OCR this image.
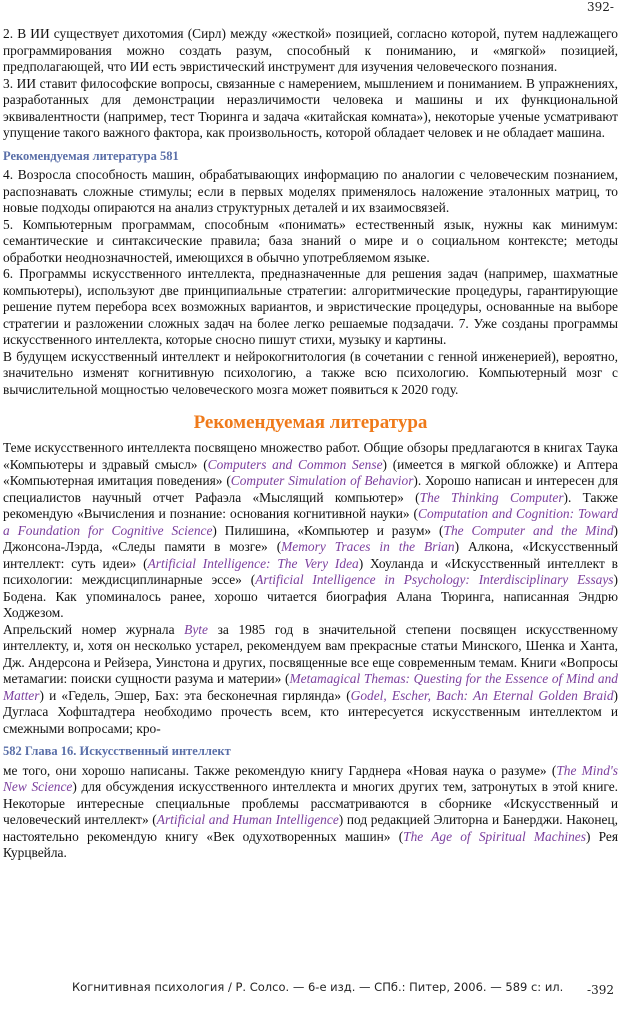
392-

2. В ИИ существует дихотомия (Сирл) между «жесткой» позицией, согласно которой, путем надлежащего программирования можно создать разум, способный к пониманию, и «мягкой» позицией, предполагающей, что ИИ есть эвристический инструмент для изучения человеческого познания.

3. ИИ ставит философские вопросы, связанные с намерением, мышлением и пониманием. В упражнениях, разработанных для демонстрации неразличимости человека и машины и их функциональной эквивалентности (например, тест Тюринга и задача «китайская комната»), некоторые ученые усматривают упущение такого важного фактора, как произвольность, которой обладает человек и не обладает машина.

Рекомендуемая литература 581

4. Возросла способность машин, обрабатывающих информацию по аналогии с человеческим познанием, распознавать сложные стимулы; если в первых моделях применялось наложение эталонных матриц, то новые подходы опираются на анализ структурных деталей и их взаимосвязей.

5. Компьютерным программам, способным «понимать» естественный язык, нужны как минимум: семантические и синтаксические правила; база знаний о мире и о социальном контексте; методы обработки неоднозначностей, имеющихся в обычно употребляемом языке.

6. Программы искусственного интеллекта, предназначенные для решения задач (например, шахматные компьютеры), используют две принципиальные стратегии: алгоритмические процедуры, гарантирующие решение путем перебора всех возможных вариантов, и эвристические процедуры, основанные на выборе стратегии и разложении сложных задач на более легко решаемые подзадачи. 7. Уже созданы программы искусственного интеллекта, которые сносно пишут стихи, музыку и картины.

В будущем искусственный интеллект и нейрокогнитология (в сочетании с генной инженерией), вероятно, значительно изменят когнитивную психологию, а также всю психологию. Компьютерный мозг с вычислительной мощностью человеческого мозга может появиться к 2020 году.

Рекомендуемая литература

Теме искусственного интеллекта посвящено множество работ. Общие обзоры предлагаются в книгах Таука «Компьютеры и здравый смысл» (Computers and Common Sense) (имеется в мягкой обложке) и Аптера «Компьютерная имитация поведения» (Computer Simulation of Behavior). Хорошо написан и интересен для специалистов научный отчет Рафаэла «Мыслящий компьютер» (The Thinking Computer). Также рекомендую «Вычисления и познание: основания когнитивной науки» (Computation and Cognition: Toward a Foundation for Cognitive Science) Пилишина, «Компьютер и разум» (The Computer and the Mind) Джонсона-Лэрда, «Следы памяти в мозге» (Memory Traces in the Brian) Алкона, «Искусственный интеллект: суть идеи» (Artificial Intelligence: The Very Idea) Хоуланда и «Искусственный интеллект в психологии: междисциплинарные эссе» (Artificial Intelligence in Psychology: Interdisciplinary Essays) Бодена. Как упоминалось ранее, хорошо читается биография Алана Тюринга, написанная Эндрю Ходжезом.

Апрельский номер журнала Byte за 1985 год в значительной степени посвящен искусственному интеллекту, и, хотя он несколько устарел, рекомендуем вам прекрасные статьи Минского, Шенка и Ханта, Дж. Андерсона и Рейзера, Уинстона и других, посвященные все еще современным темам. Книги «Вопросы метамагии: поиски сущности разума и материи» (Metamagical Themas: Questing for the Essence of Mind and Matter) и «Гедель, Эшер, Бах: эта бесконечная гирлянда» (Godel, Escher, Bach: An Eternal Golden Braid) Дугласа Хофштадтера необходимо прочесть всем, кто интересуется искусственным интеллектом и смежными вопросами; кро-

582 Глава 16. Искусственный интеллект

ме того, они хорошо написаны. Также рекомендую книгу Гарднера «Новая наука о разуме» (The Mind's New Science) для обсуждения искусственного интеллекта и многих других тем, затронутых в этой книге. Некоторые интересные специальные проблемы рассматриваются в сборнике «Искусственный и человеческий интеллект» (Artificial and Human Intelligence) под редакцией Элиторна и Банерджи. Наконец, настоятельно рекомендую книгу «Век одухотворенных машин» (The Age of Spiritual Machines) Рея Курцвейла.

Когнитивная психология / Р. Солсо. — 6-е изд. — СПб.: Питер, 2006. — 589 с: ил. -392
